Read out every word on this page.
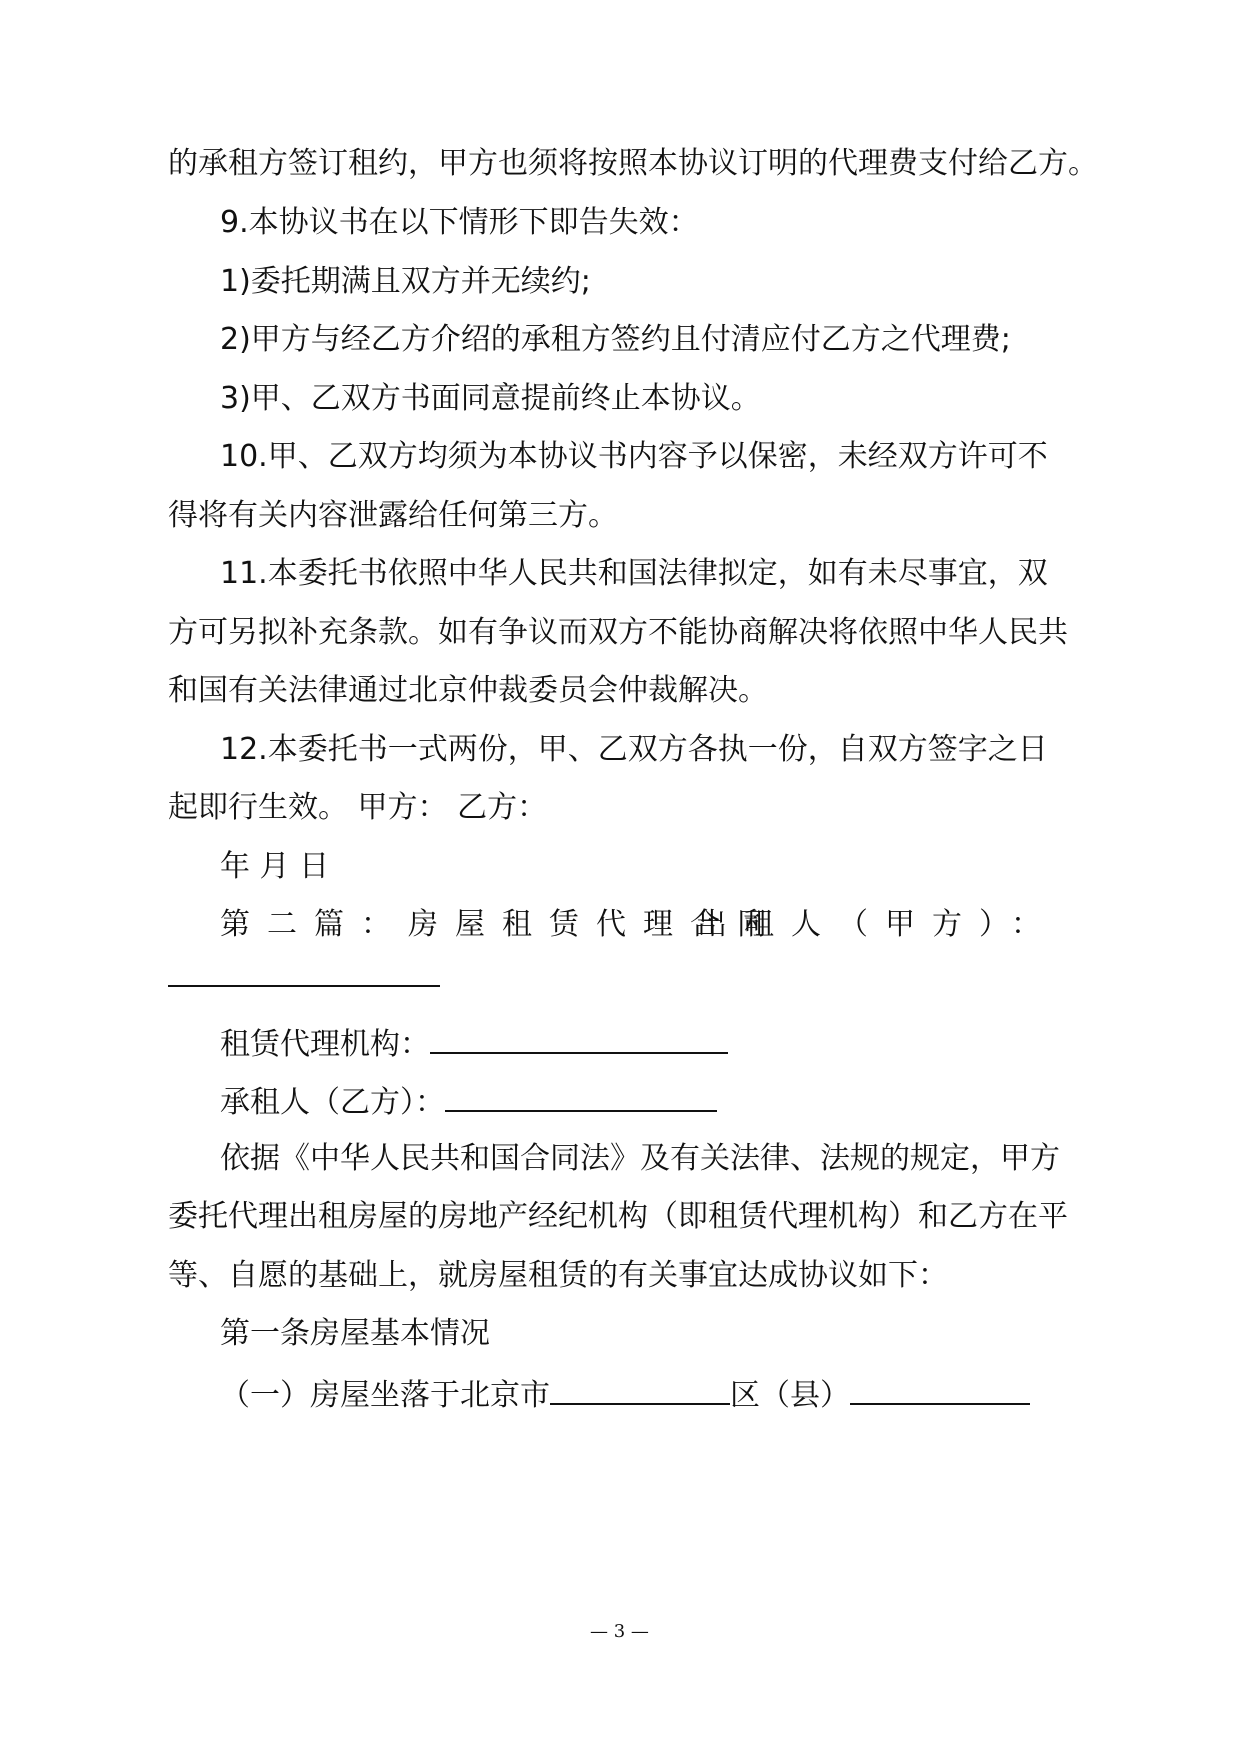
的承租方签订租约，甲方也须将按照本协议订明的代理费支付给乙方。
9.本协议书在以下情形下即告失效：
1)委托期满且双方并无续约;
2)甲方与经乙方介绍的承租方签约且付清应付乙方之代理费;
3)甲、乙双方书面同意提前终止本协议。
10.甲、乙双方均须为本协议书内容予以保密，未经双方许可不
得将有关内容泄露给任何第三方。
11.本委托书依照中华人民共和国法律拟定，如有未尽事宜，双
方可另拟补充条款。如有争议而双方不能协商解决将依照中华人民共
和国有关法律通过北京仲裁委员会仲裁解决。
12.本委托书一式两份，甲、乙双方各执一份，自双方签字之日
起即行生效。 甲方： 乙方：
年 月 日
第二篇：房屋租赁代理合同
出租人（甲方）：
租赁代理机构：
承租人（乙方）：
依据《中华人民共和国合同法》及有关法律、法规的规定，甲方
委托代理出租房屋的房地产经纪机构（即租赁代理机构）和乙方在平
等、自愿的基础上，就房屋租赁的有关事宜达成协议如下：
第一条房屋基本情况
（一）房屋坐落于北京市	区（县）
— 3 —
